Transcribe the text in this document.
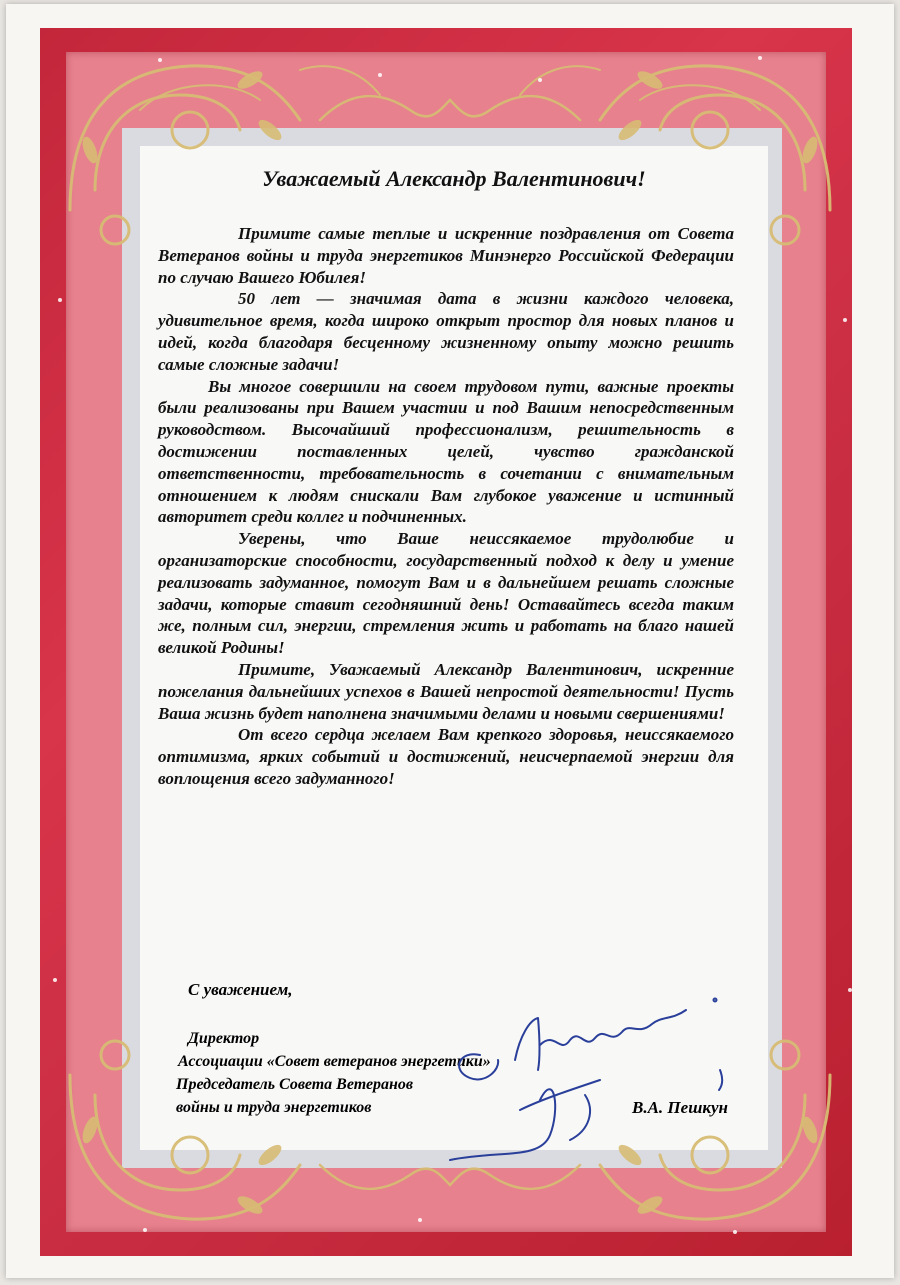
Уважаемый Александр Валентинович!

Примите самые теплые и искренние поздравления от Совета Ветеранов войны и труда энергетиков Минэнерго Российской Федерации по случаю Вашего Юбилея!

50 лет — значимая дата в жизни каждого человека, удивительное время, когда широко открыт простор для новых планов и идей, когда благодаря бесценному жизненному опыту можно решить самые сложные задачи!

Вы многое совершили на своем трудовом пути, важные проекты были реализованы при Вашем участии и под Вашим непосредственным руководством. Высочайший профессионализм, решительность в достижении поставленных целей, чувство гражданской ответственности, требовательность в сочетании с внимательным отношением к людям снискали Вам глубокое уважение и истинный авторитет среди коллег и подчиненных.

Уверены, что Ваше неиссякаемое трудолюбие и организаторские способности, государственный подход к делу и умение реализовать задуманное, помогут Вам и в дальнейшем решать сложные задачи, которые ставит сегодняшний день! Оставайтесь всегда таким же, полным сил, энергии, стремления жить и работать на благо нашей великой Родины!

Примите, Уважаемый Александр Валентинович, искренние пожелания дальнейших успехов в Вашей непростой деятельности! Пусть Ваша жизнь будет наполнена значимыми делами и новыми свершениями!

От всего сердца желаем Вам крепкого здоровья, неиссякаемого оптимизма, ярких событий и достижений, неисчерпаемой энергии для воплощения всего задуманного!

С уважением,
Директор
Ассоциации «Совет ветеранов энергетики»
Председатель Совета Ветеранов
войны и труда энергетиков	В.А. Пешкун
